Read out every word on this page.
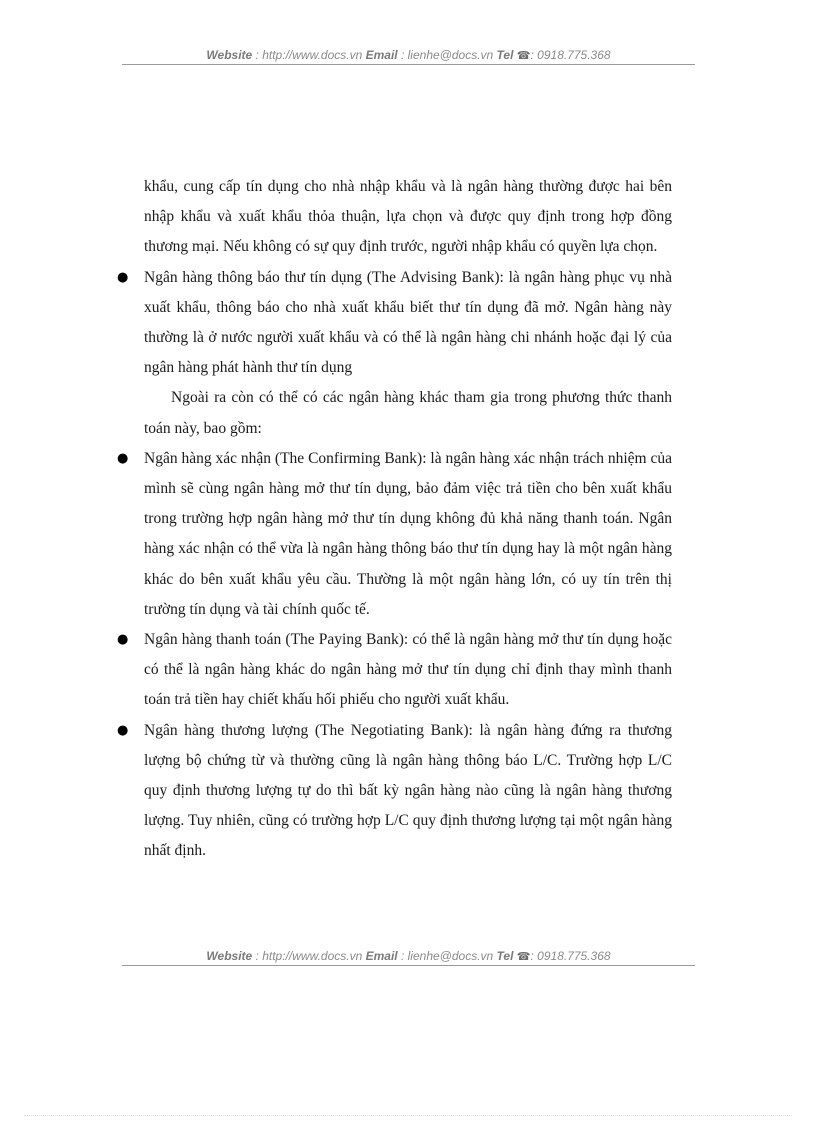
Website : http://www.docs.vn Email : lienhe@docs.vn Tel ☎: 0918.775.368

khẩu, cung cấp tín dụng cho nhà nhập khẩu và là ngân hàng thường được hai bên nhập khẩu và xuất khẩu thỏa thuận, lựa chọn và được quy định trong hợp đồng thương mại. Nếu không có sự quy định trước, người nhập khẩu có quyền lựa chọn.

● Ngân hàng thông báo thư tín dụng (The Advising Bank): là ngân hàng phục vụ nhà xuất khẩu, thông báo cho nhà xuất khẩu biết thư tín dụng đã mở. Ngân hàng này thường là ở nước người xuất khẩu và có thể là ngân hàng chi nhánh hoặc đại lý của ngân hàng phát hành thư tín dụng

Ngoài ra còn có thể có các ngân hàng khác tham gia trong phương thức thanh toán này, bao gồm:

● Ngân hàng xác nhận (The Confirming Bank): là ngân hàng xác nhận trách nhiệm của mình sẽ cùng ngân hàng mở thư tín dụng, bảo đảm việc trả tiền cho bên xuất khẩu trong trường hợp ngân hàng mở thư tín dụng không đủ khả năng thanh toán. Ngân hàng xác nhận có thể vừa là ngân hàng thông báo thư tín dụng hay là một ngân hàng khác do bên xuất khẩu yêu cầu. Thường là một ngân hàng lớn, có uy tín trên thị trường tín dụng và tài chính quốc tế.

● Ngân hàng thanh toán (The Paying Bank): có thể là ngân hàng mở thư tín dụng hoặc có thể là ngân hàng khác do ngân hàng mở thư tín dụng chỉ định thay mình thanh toán trả tiền hay chiết khấu hối phiếu cho người xuất khẩu.

● Ngân hàng thương lượng (The Negotiating Bank): là ngân hàng đứng ra thương lượng bộ chứng từ và thường cũng là ngân hàng thông báo L/C. Trường hợp L/C quy định thương lượng tự do thì bất kỳ ngân hàng nào cũng là ngân hàng thương lượng. Tuy nhiên, cũng có trường hợp L/C quy định thương lượng tại một ngân hàng nhất định.

Website : http://www.docs.vn Email : lienhe@docs.vn Tel ☎: 0918.775.368
